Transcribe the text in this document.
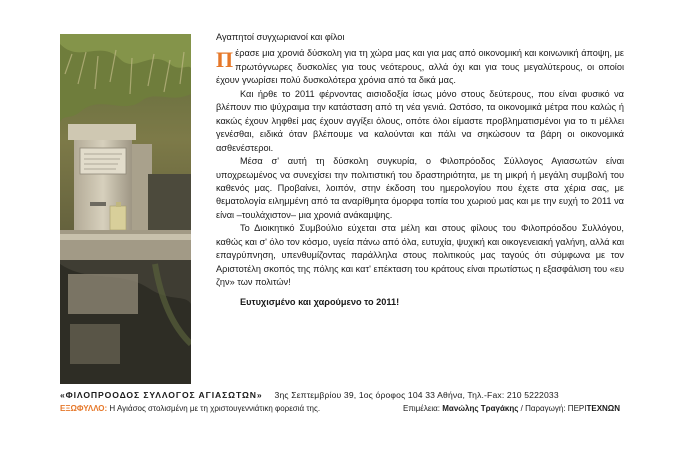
Αγαπητοί συγχωριανοί και φίλοι

Πέρασε μια χρονιά δύσκολη για τη χώρα μας και για μας από οικονομική και κοινωνική άποψη, με πρωτόγνωρες δυσκολίες για τους νεότερους, αλλά όχι και για τους μεγαλύτερους, οι οποίοι έχουν γνωρίσει πολύ δυσκολότερα χρόνια από τα δικά μας.

Και ήρθε το 2011 φέρνοντας αισιοδοξία ίσως μόνο στους δεύτερους, που είναι φυσικό να βλέπουν πιο ψύχραιμα την κατάσταση από τη νέα γενιά. Ωστόσο, τα οικονομικά μέτρα που καλώς ή κακώς έχουν ληφθεί μας έχουν αγγίξει όλους, οπότε όλοι είμαστε προβληματισμένοι για το τι μέλλει γενέσθαι, ειδικά όταν βλέπουμε να καλούνται και πάλι να σηκώσουν τα βάρη οι οικονομικά ασθενέστεροι.

Μέσα σ' αυτή τη δύσκολη συγκυρία, ο Φιλοπρόοδος Σύλλογος Αγιασωτών είναι υποχρεωμένος να συνεχίσει την πολιτιστική του δραστηριότητα, με τη μικρή ή μεγάλη συμβολή του καθενός μας. Προβαίνει, λοιπόν, στην έκδοση του ημερολογίου που έχετε στα χέρια σας, με θεματολογία ειλημμένη από τα αναρίθμητα όμορφα τοπία του χωριού μας και με την ευχή το 2011 να είναι –τουλάχιστον– μια χρονιά ανάκαμψης.

Το Διοικητικό Συμβούλιο εύχεται στα μέλη και στους φίλους του Φιλοπρόοδου Συλλόγου, καθώς και σ' όλο τον κόσμο, υγεία πάνω από όλα, ευτυχία, ψυχική και οικογενειακή γαλήνη, αλλά και επαγρύπνηση, υπενθυμίζοντας παράλληλα στους πολιτικούς μας ταγούς ότι σύμφωνα με τον Αριστοτέλη σκοπός της πόλης και κατ' επέκταση του κράτους είναι πρωτίστως η εξασφάλιση του «ευ ζην» των πολιτών!

Ευτυχισμένο και χαρούμενο το 2011!

«ΦΙΛΟΠΡΟΟΔΟΣ ΣΥΛΛΟΓΟΣ ΑΓΙΑΣΩΤΩΝ» 3ης Σεπτεμβρίου 39, 1ος όροφος 104 33 Αθήνα, Τηλ.-Fax: 210 5222033
ΕΞΩΦΥΛΛΟ: Η Αγιάσος στολισμένη με τη χριστουγεννιάτικη φορεσιά της.	Επιμέλεια: Μανώλης Τραγάκης / Παραγωγή: ΠΕΡΙΤΕΧΝΩΝ
